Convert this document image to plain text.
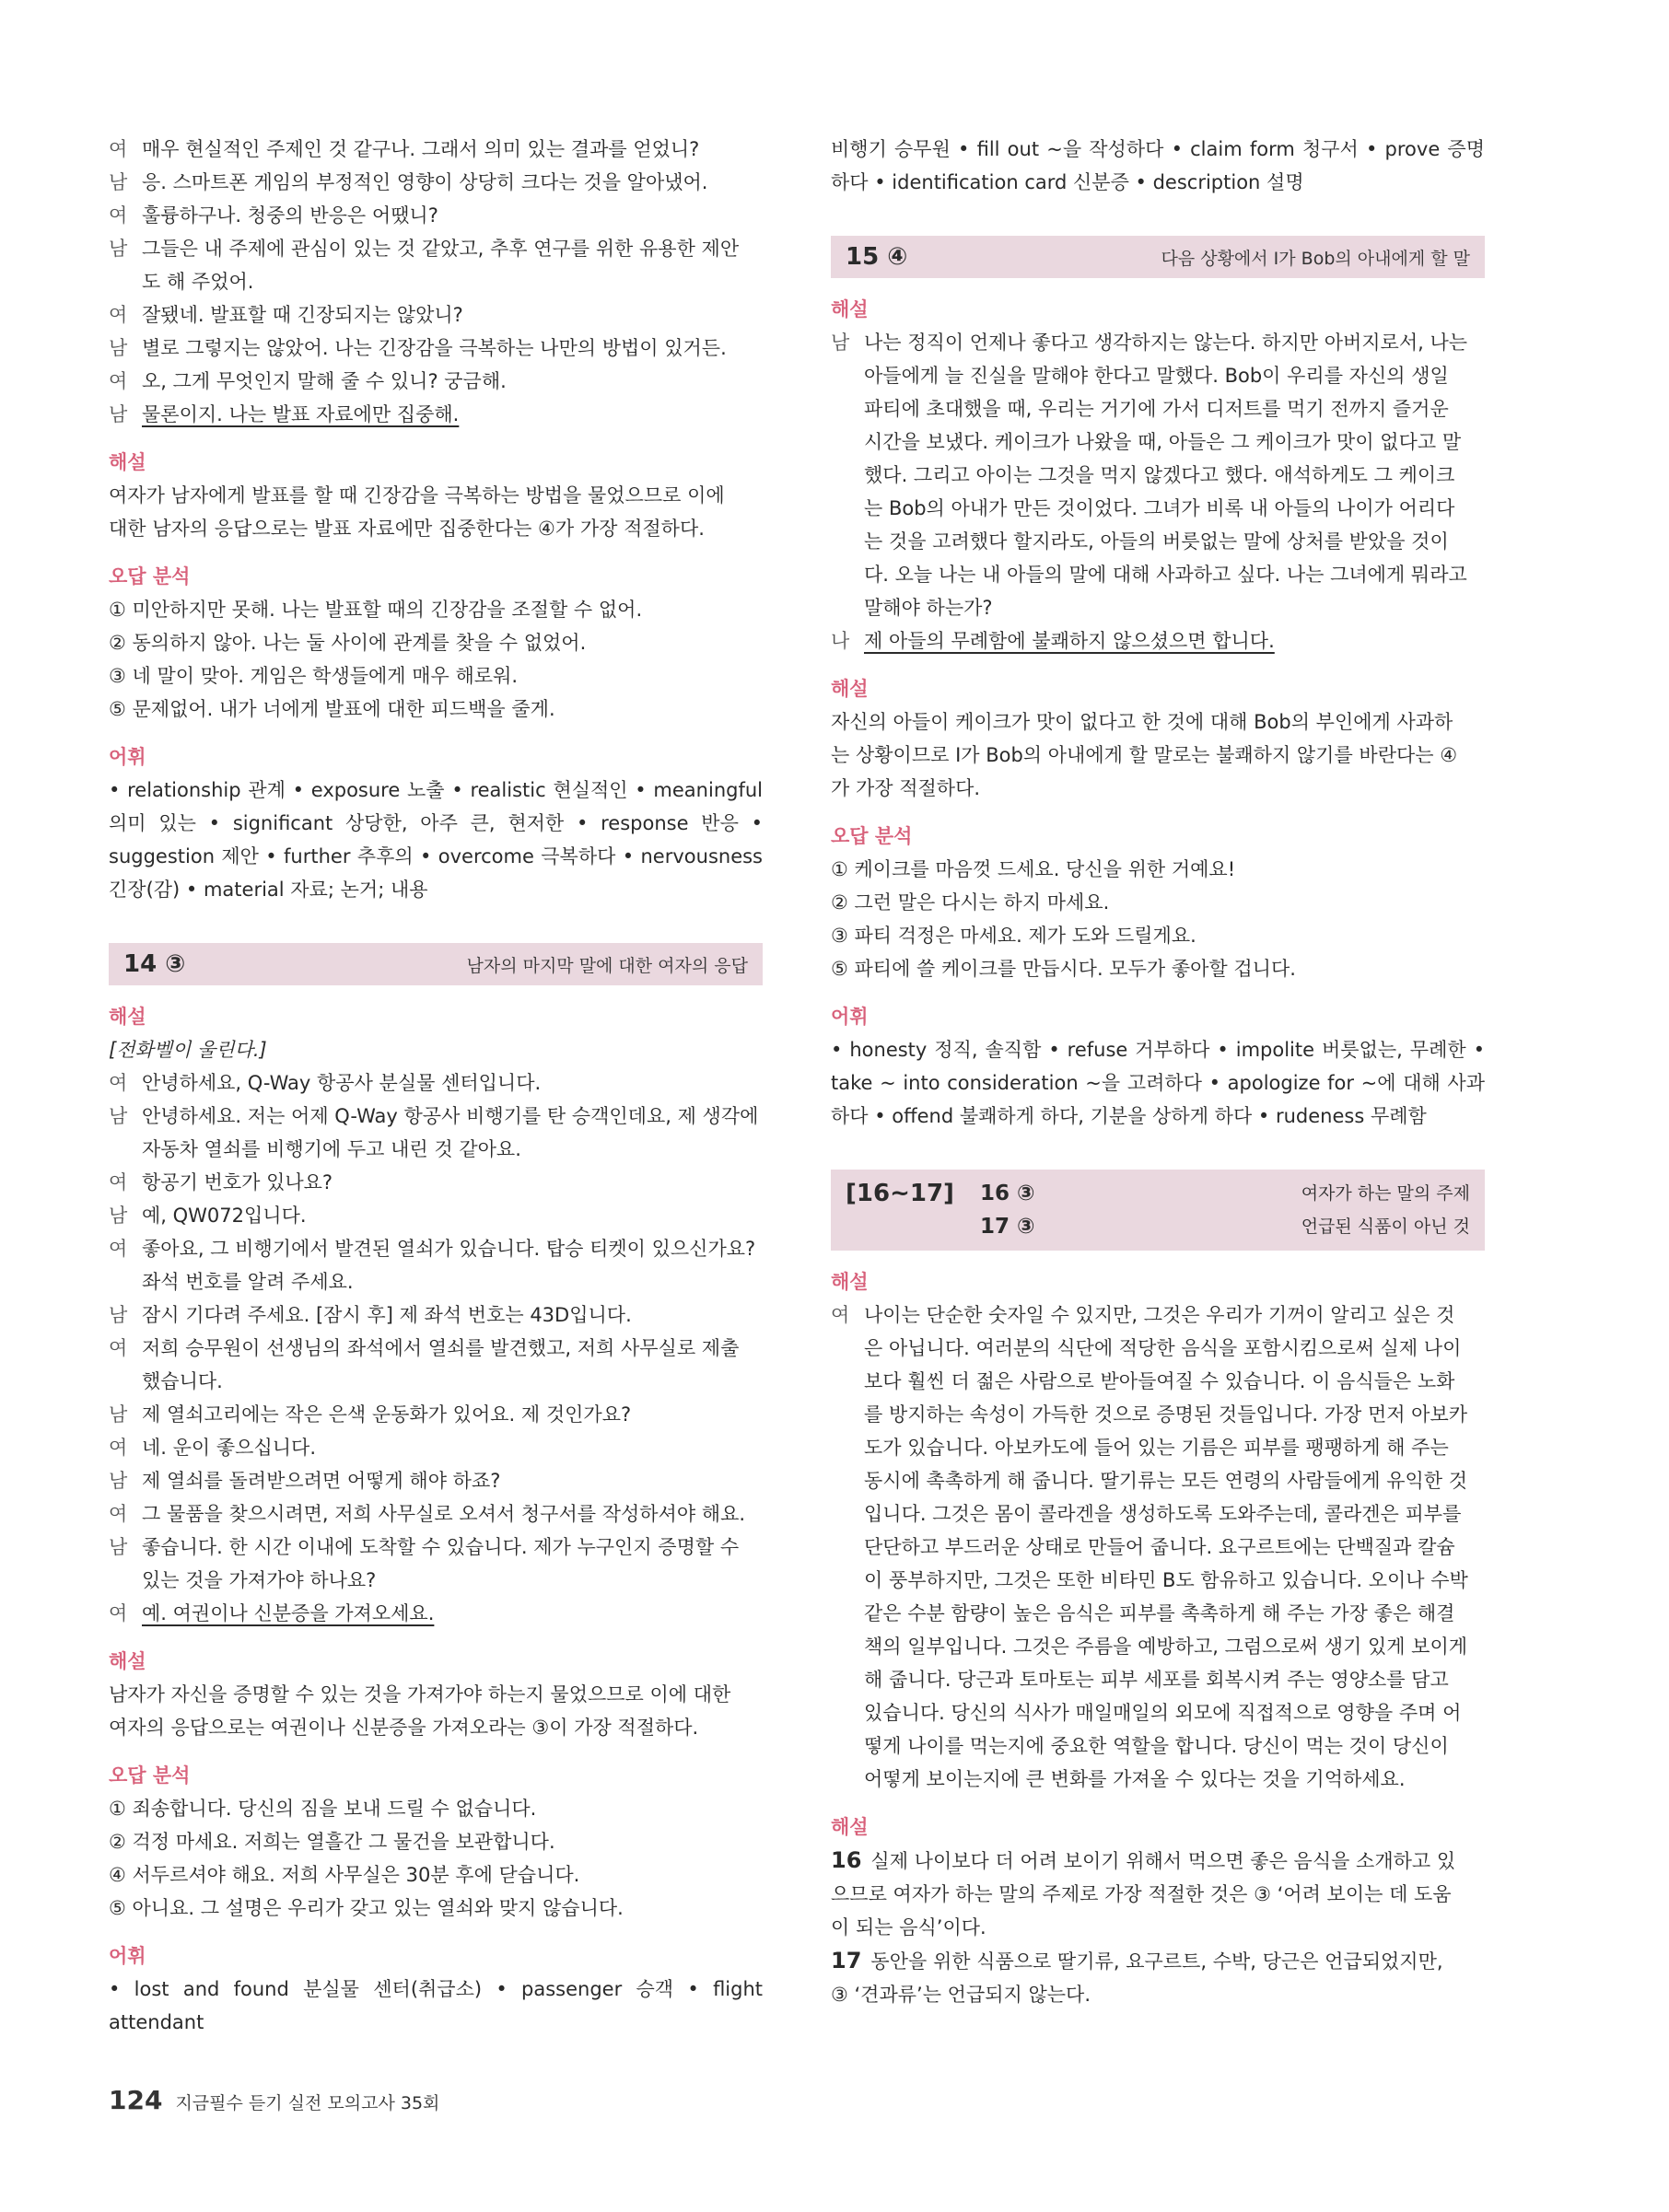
여 매우 현실적인 주제인 것 같구나. 그래서 의미 있는 결과를 얻었니?
남 응. 스마트폰 게임의 부정적인 영향이 상당히 크다는 것을 알아냈어.
여 훌륭하구나. 청중의 반응은 어땠니?
남 그들은 내 주제에 관심이 있는 것 같았고, 추후 연구를 위한 유용한 제안
도 해 주었어.
여 잘됐네. 발표할 때 긴장되지는 않았니?
남 별로 그렇지는 않았어. 나는 긴장감을 극복하는 나만의 방법이 있거든.
여 오, 그게 무엇인지 말해 줄 수 있니? 궁금해.
남 물론이지. 나는 발표 자료에만 집중해.
해설
여자가 남자에게 발표를 할 때 긴장감을 극복하는 방법을 물었으므로 이에
대한 남자의 응답으로는 발표 자료에만 집중한다는 ④가 가장 적절하다.
오답 분석
① 미안하지만 못해. 나는 발표할 때의 긴장감을 조절할 수 없어.
② 동의하지 않아. 나는 둘 사이에 관계를 찾을 수 없었어.
③ 네 말이 맞아. 게임은 학생들에게 매우 해로워.
⑤ 문제없어. 내가 너에게 발표에 대한 피드백을 줄게.
어휘
• relationship 관계 • exposure 노출 • realistic 현실적인 • meaningful 의미 있는 • significant 상당한, 아주 큰, 현저한 • response 반응 • suggestion 제안 • further 추후의 • overcome 극복하다 • nervousness 긴장(감) • material 자료; 논거; 내용
14 ③	남자의 마지막 말에 대한 여자의 응답
해설
[전화벨이 울린다.]
여 안녕하세요, Q-Way 항공사 분실물 센터입니다.
남 안녕하세요. 저는 어제 Q-Way 항공사 비행기를 탄 승객인데요, 제 생각에
자동차 열쇠를 비행기에 두고 내린 것 같아요.
여 항공기 번호가 있나요?
남 예, QW072입니다.
여 좋아요, 그 비행기에서 발견된 열쇠가 있습니다. 탑승 티켓이 있으신가요?
좌석 번호를 알려 주세요.
남 잠시 기다려 주세요. [잠시 후] 제 좌석 번호는 43D입니다.
여 저희 승무원이 선생님의 좌석에서 열쇠를 발견했고, 저희 사무실로 제출
했습니다.
남 제 열쇠고리에는 작은 은색 운동화가 있어요. 제 것인가요?
여 네. 운이 좋으십니다.
남 제 열쇠를 돌려받으려면 어떻게 해야 하죠?
여 그 물품을 찾으시려면, 저희 사무실로 오셔서 청구서를 작성하셔야 해요.
남 좋습니다. 한 시간 이내에 도착할 수 있습니다. 제가 누구인지 증명할 수
있는 것을 가져가야 하나요?
여 예. 여권이나 신분증을 가져오세요.
해설
남자가 자신을 증명할 수 있는 것을 가져가야 하는지 물었으므로 이에 대한
여자의 응답으로는 여권이나 신분증을 가져오라는 ③이 가장 적절하다.
오답 분석
① 죄송합니다. 당신의 짐을 보내 드릴 수 없습니다.
② 걱정 마세요. 저희는 열흘간 그 물건을 보관합니다.
④ 서두르셔야 해요. 저희 사무실은 30분 후에 닫습니다.
⑤ 아니요. 그 설명은 우리가 갖고 있는 열쇠와 맞지 않습니다.
어휘
• lost and found 분실물 센터(취급소) • passenger 승객 • flight attendant
비행기 승무원 • fill out ~을 작성하다 • claim form 청구서 • prove 증명하다 • identification card 신분증 • description 설명
15 ④	다음 상황에서 I가 Bob의 아내에게 할 말
해설
남 나는 정직이 언제나 좋다고 생각하지는 않는다. 하지만 아버지로서, 나는
아들에게 늘 진실을 말해야 한다고 말했다. Bob이 우리를 자신의 생일
파티에 초대했을 때, 우리는 거기에 가서 디저트를 먹기 전까지 즐거운
시간을 보냈다. 케이크가 나왔을 때, 아들은 그 케이크가 맛이 없다고 말
했다. 그리고 아이는 그것을 먹지 않겠다고 했다. 애석하게도 그 케이크
는 Bob의 아내가 만든 것이었다. 그녀가 비록 내 아들의 나이가 어리다
는 것을 고려했다 할지라도, 아들의 버릇없는 말에 상처를 받았을 것이
다. 오늘 나는 내 아들의 말에 대해 사과하고 싶다. 나는 그녀에게 뭐라고
말해야 하는가?
나 제 아들의 무례함에 불쾌하지 않으셨으면 합니다.
해설
자신의 아들이 케이크가 맛이 없다고 한 것에 대해 Bob의 부인에게 사과하
는 상황이므로 I가 Bob의 아내에게 할 말로는 불쾌하지 않기를 바란다는 ④
가 가장 적절하다.
오답 분석
① 케이크를 마음껏 드세요. 당신을 위한 거예요!
② 그런 말은 다시는 하지 마세요.
③ 파티 걱정은 마세요. 제가 도와 드릴게요.
⑤ 파티에 쓸 케이크를 만듭시다. 모두가 좋아할 겁니다.
어휘
• honesty 정직, 솔직함 • refuse 거부하다 • impolite 버릇없는, 무례한 • take ~ into consideration ~을 고려하다 • apologize for ~에 대해 사과하다 • offend 불쾌하게 하다, 기분을 상하게 하다 • rudeness 무례함
[16~17]	16 ③	여자가 하는 말의 주제
17 ③	언급된 식품이 아닌 것
해설
여 나이는 단순한 숫자일 수 있지만, 그것은 우리가 기꺼이 알리고 싶은 것
은 아닙니다. 여러분의 식단에 적당한 음식을 포함시킴으로써 실제 나이
보다 훨씬 더 젊은 사람으로 받아들여질 수 있습니다. 이 음식들은 노화
를 방지하는 속성이 가득한 것으로 증명된 것들입니다. 가장 먼저 아보카
도가 있습니다. 아보카도에 들어 있는 기름은 피부를 팽팽하게 해 주는
동시에 촉촉하게 해 줍니다. 딸기류는 모든 연령의 사람들에게 유익한 것
입니다. 그것은 몸이 콜라겐을 생성하도록 도와주는데, 콜라겐은 피부를
단단하고 부드러운 상태로 만들어 줍니다. 요구르트에는 단백질과 칼슘
이 풍부하지만, 그것은 또한 비타민 B도 함유하고 있습니다. 오이나 수박
같은 수분 함량이 높은 음식은 피부를 촉촉하게 해 주는 가장 좋은 해결
책의 일부입니다. 그것은 주름을 예방하고, 그럼으로써 생기 있게 보이게
해 줍니다. 당근과 토마토는 피부 세포를 회복시켜 주는 영양소를 담고
있습니다. 당신의 식사가 매일매일의 외모에 직접적으로 영향을 주며 어
떻게 나이를 먹는지에 중요한 역할을 합니다. 당신이 먹는 것이 당신이
어떻게 보이는지에 큰 변화를 가져올 수 있다는 것을 기억하세요.
해설
16 실제 나이보다 더 어려 보이기 위해서 먹으면 좋은 음식을 소개하고 있
으므로 여자가 하는 말의 주제로 가장 적절한 것은 ③ ‘어려 보이는 데 도움
이 되는 음식’이다.
17 동안을 위한 식품으로 딸기류, 요구르트, 수박, 당근은 언급되었지만,
③ ‘견과류’는 언급되지 않는다.
124 지금필수 듣기 실전 모의고사 35회
